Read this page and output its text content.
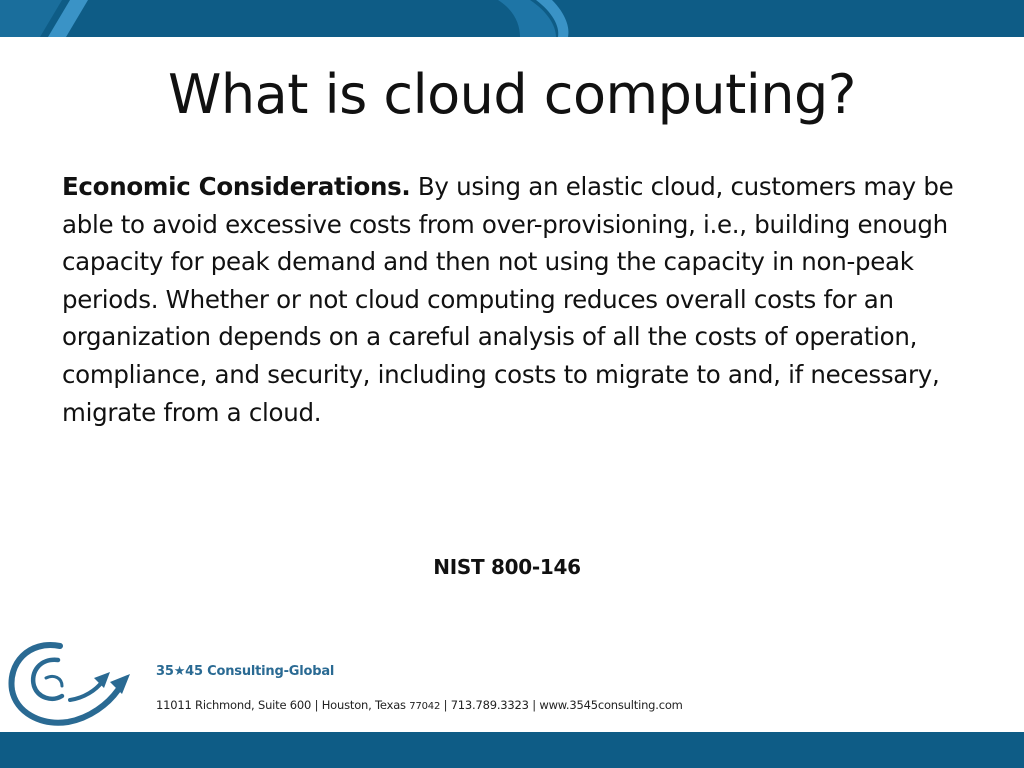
What is cloud computing?

Economic Considerations. By using an elastic cloud, customers may be able to avoid excessive costs from over-provisioning, i.e., building enough capacity for peak demand and then not using the capacity in non-peak periods. Whether or not cloud computing reduces overall costs for an organization depends on a careful analysis of all the costs of operation, compliance, and security, including costs to migrate to and, if necessary, migrate from a cloud.

NIST 800-146
35★45 Consulting-Global
11011 Richmond, Suite 600 | Houston, Texas 77042 | 713.789.3323 | www.3545consulting.com
